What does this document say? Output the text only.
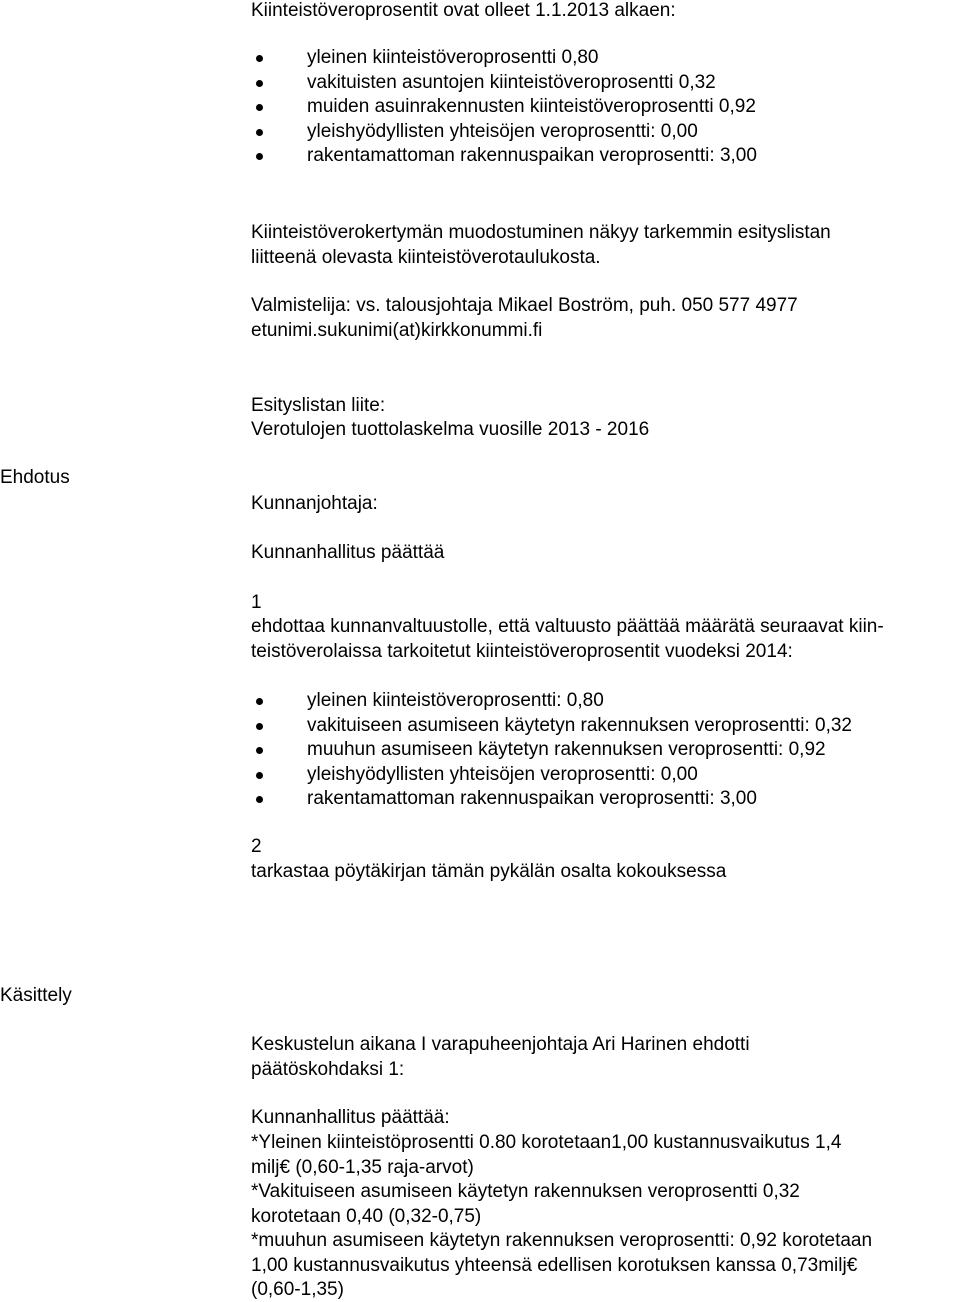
Kiinteistöveroprosentit ovat olleet 1.1.2013 alkaen:
yleinen kiinteistöveroprosentti 0,80
vakituisten asuntojen kiinteistöveroprosentti 0,32
muiden asuinrakennusten kiinteistöveroprosentti 0,92
yleishyödyllisten yhteisöjen veroprosentti: 0,00
rakentamattoman rakennuspaikan veroprosentti: 3,00
Kiinteistöverokertymän muodostuminen näkyy tarkemmin esityslistan
liitteenä olevasta kiinteistöverotaulukosta.
Valmistelija: vs. talousjohtaja Mikael Boström, puh. 050 577 4977
etunimi.sukunimi(at)kirkkonummi.fi
Esityslistan liite:
Verotulojen tuottolaskelma vuosille 2013 - 2016
Ehdotus
Kunnanjohtaja:
Kunnanhallitus päättää
1
ehdottaa kunnanvaltuustolle, että valtuusto päättää määrätä seuraavat kiin-
teistöverolaissa tarkoitetut kiinteistöveroprosentit vuodeksi 2014:
yleinen kiinteistöveroprosentti: 0,80
vakituiseen asumiseen käytetyn rakennuksen veroprosentti: 0,32
muuhun asumiseen käytetyn rakennuksen veroprosentti: 0,92
yleishyödyllisten yhteisöjen veroprosentti: 0,00
rakentamattoman rakennuspaikan veroprosentti: 3,00
2
tarkastaa pöytäkirjan tämän pykälän osalta kokouksessa
Käsittely
Keskustelun aikana I varapuheenjohtaja Ari Harinen ehdotti
päätöskohdaksi 1:
Kunnanhallitus päättää:
*Yleinen kiinteistöprosentti 0.80 korotetaan1,00 kustannusvaikutus 1,4
milj€ (0,60-1,35 raja-arvot)
*Vakituiseen asumiseen käytetyn rakennuksen veroprosentti 0,32
korotetaan 0,40 (0,32-0,75)
*muuhun asumiseen käytetyn rakennuksen veroprosentti: 0,92 korotetaan
1,00 kustannusvaikutus yhteensä edellisen korotuksen kanssa 0,73milj€
(0,60-1,35)
